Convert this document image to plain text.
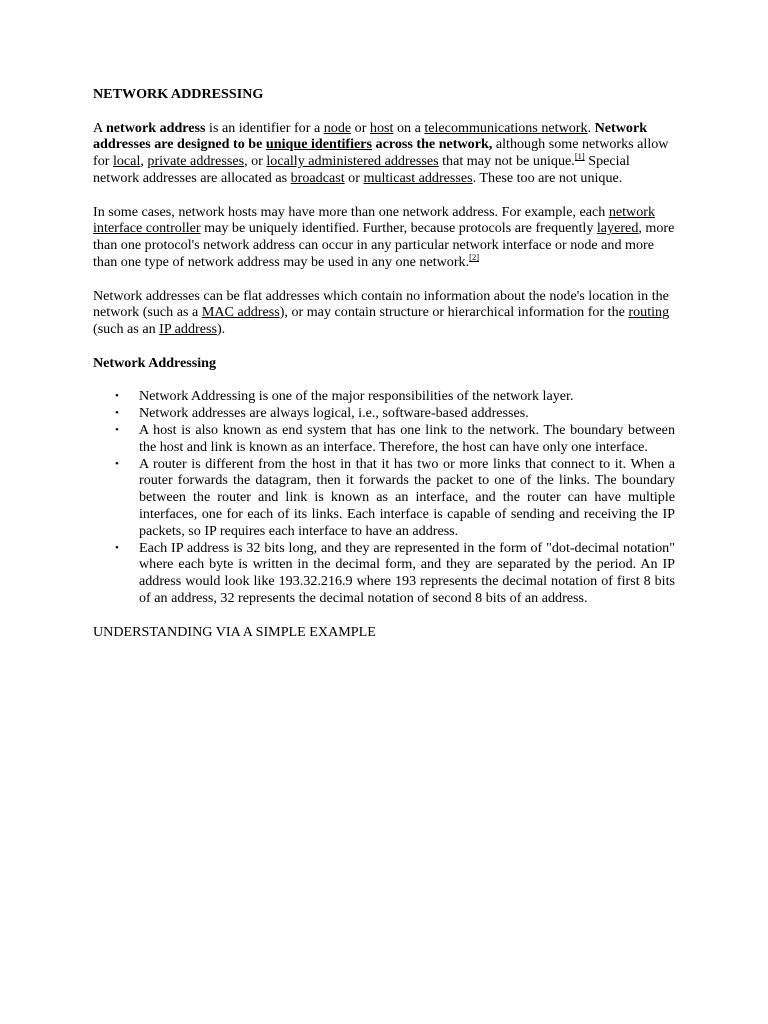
NETWORK ADDRESSING

A network address is an identifier for a node or host on a telecommunications network. Network addresses are designed to be unique identifiers across the network, although some networks allow for local, private addresses, or locally administered addresses that may not be unique.[1] Special network addresses are allocated as broadcast or multicast addresses. These too are not unique.

In some cases, network hosts may have more than one network address. For example, each network interface controller may be uniquely identified. Further, because protocols are frequently layered, more than one protocol's network address can occur in any particular network interface or node and more than one type of network address may be used in any one network.[2]

Network addresses can be flat addresses which contain no information about the node's location in the network (such as a MAC address), or may contain structure or hierarchical information for the routing (such as an IP address).

Network Addressing

• Network Addressing is one of the major responsibilities of the network layer.
• Network addresses are always logical, i.e., software-based addresses.
• A host is also known as end system that has one link to the network. The boundary between the host and link is known as an interface. Therefore, the host can have only one interface.
• A router is different from the host in that it has two or more links that connect to it. When a router forwards the datagram, then it forwards the packet to one of the links. The boundary between the router and link is known as an interface, and the router can have multiple interfaces, one for each of its links. Each interface is capable of sending and receiving the IP packets, so IP requires each interface to have an address.
• Each IP address is 32 bits long, and they are represented in the form of "dot-decimal notation" where each byte is written in the decimal form, and they are separated by the period. An IP address would look like 193.32.216.9 where 193 represents the decimal notation of first 8 bits of an address, 32 represents the decimal notation of second 8 bits of an address.

UNDERSTANDING VIA A SIMPLE EXAMPLE
